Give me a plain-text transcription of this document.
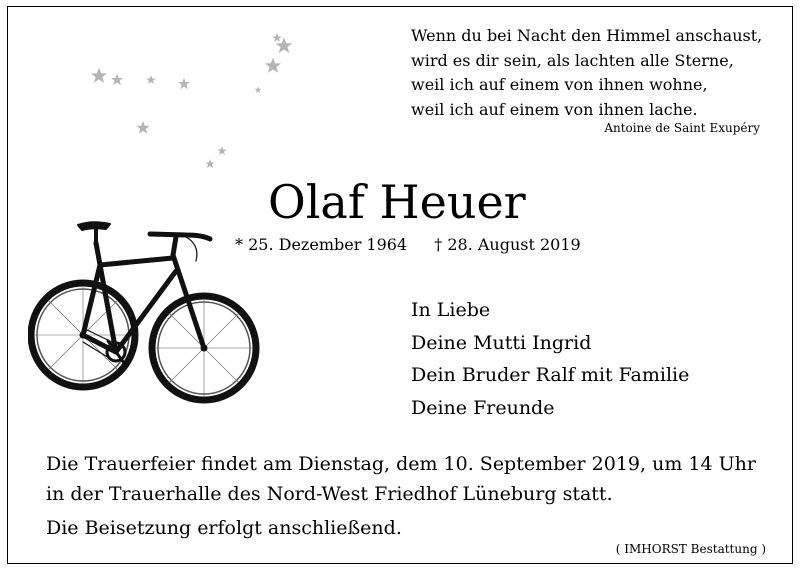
Wenn du bei Nacht den Himmel anschaust,
wird es dir sein, als lachten alle Sterne,
weil ich auf einem von ihnen wohne,
weil ich auf einem von ihnen lache.
Antoine de Saint Exupéry
Olaf Heuer
* 25. Dezember 1964 † 28. August 2019
In Liebe
Deine Mutti Ingrid
Dein Bruder Ralf mit Familie
Deine Freunde
Die Trauerfeier findet am Dienstag, dem 10. September 2019, um 14 Uhr
in der Trauerhalle des Nord-West Friedhof Lüneburg statt.
Die Beisetzung erfolgt anschließend.
( IMHORST Bestattung )
